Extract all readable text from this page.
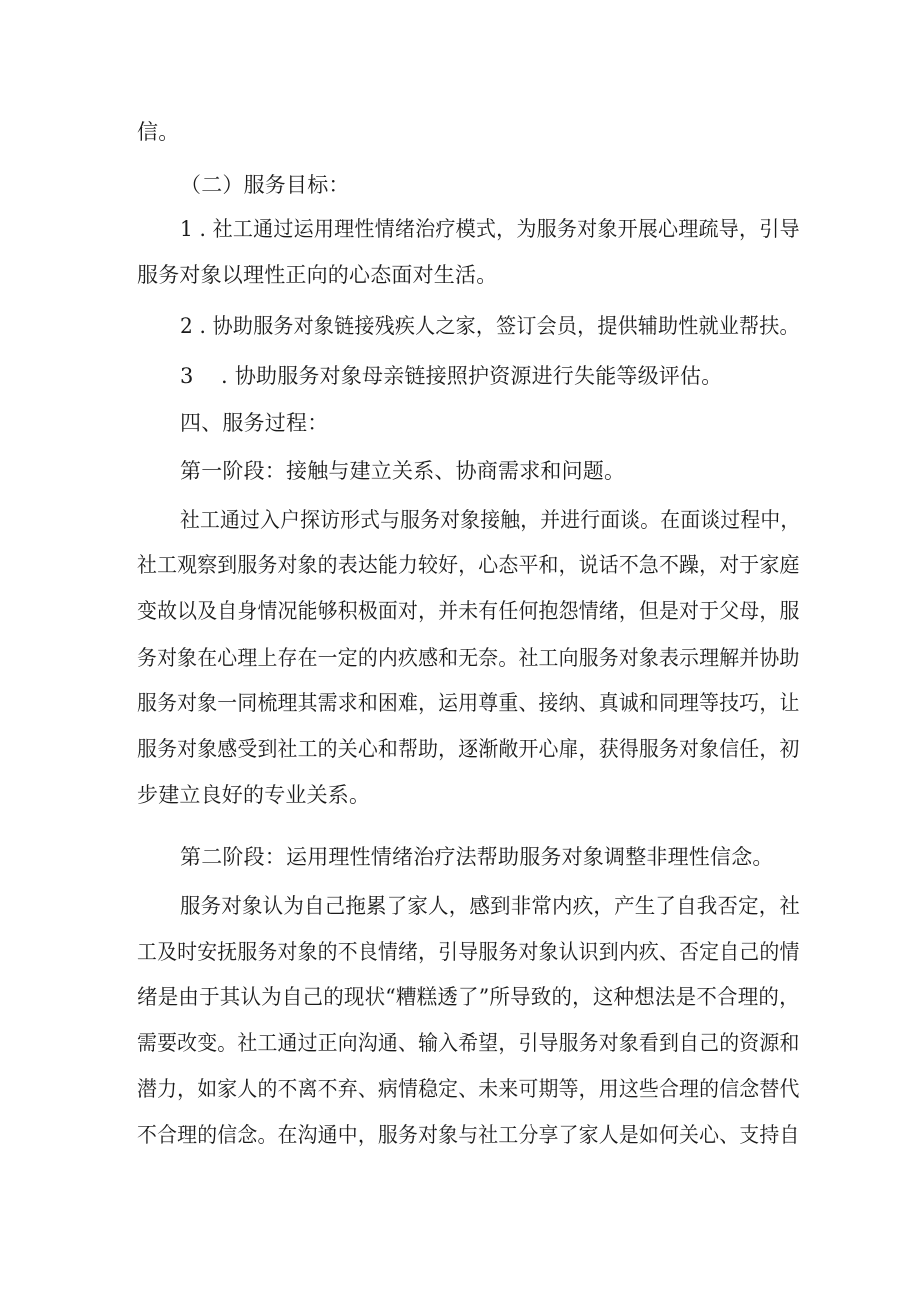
信。
（二）服务目标：
1 . 社工通过运用理性情绪治疗模式，为服务对象开展心理疏导，引导
服务对象以理性正向的心态面对生活。
2 . 协助服务对象链接残疾人之家，签订会员，提供辅助性就业帮扶。
3    . 协助服务对象母亲链接照护资源进行失能等级评估。
四、服务过程：
第一阶段：接触与建立关系、协商需求和问题。
社工通过入户探访形式与服务对象接触，并进行面谈。在面谈过程中，
社工观察到服务对象的表达能力较好，心态平和，说话不急不躁，对于家庭
变故以及自身情况能够积极面对，并未有任何抱怨情绪，但是对于父母，服
务对象在心理上存在一定的内疚感和无奈。社工向服务对象表示理解并协助
服务对象一同梳理其需求和困难，运用尊重、接纳、真诚和同理等技巧，让
服务对象感受到社工的关心和帮助，逐渐敞开心扉，获得服务对象信任，初
步建立良好的专业关系。
第二阶段：运用理性情绪治疗法帮助服务对象调整非理性信念。
服务对象认为自己拖累了家人，感到非常内疚，产生了自我否定，社
工及时安抚服务对象的不良情绪，引导服务对象认识到内疚、否定自己的情
绪是由于其认为自己的现状“糟糕透了”所导致的，这种想法是不合理的，
需要改变。社工通过正向沟通、输入希望，引导服务对象看到自己的资源和
潜力，如家人的不离不弃、病情稳定、未来可期等，用这些合理的信念替代
不合理的信念。在沟通中，服务对象与社工分享了家人是如何关心、支持自
